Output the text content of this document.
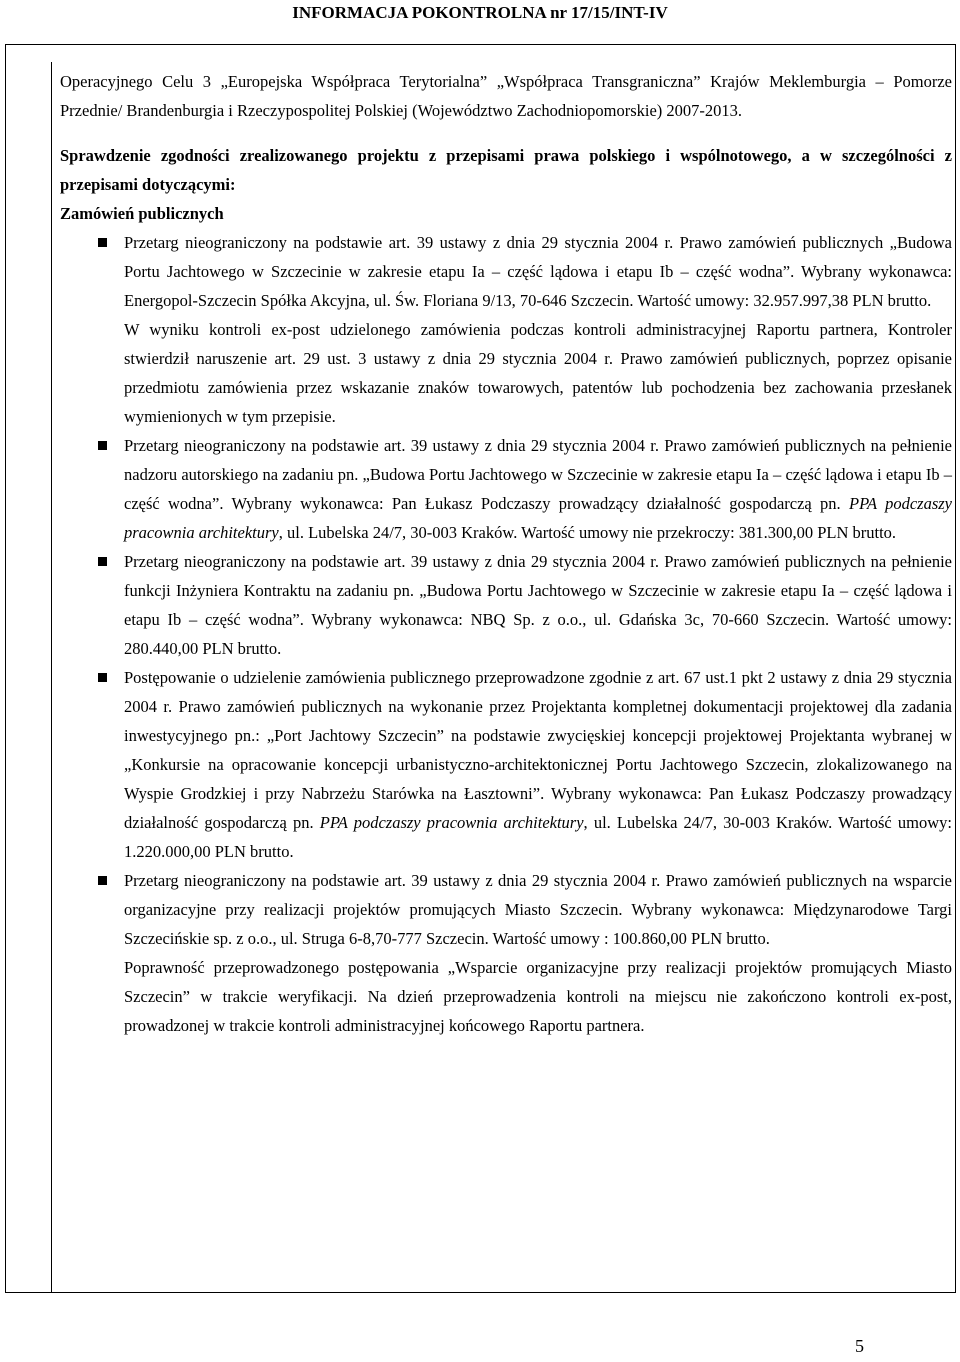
INFORMACJA POKONTROLNA nr 17/15/INT-IV

Operacyjnego Celu 3 „Europejska Współpraca Terytorialna” „Współpraca Transgraniczna” Krajów Meklemburgia – Pomorze Przednie/ Brandenburgia i Rzeczypospolitej Polskiej (Województwo Zachodniopomorskie) 2007-2013.

Sprawdzenie zgodności zrealizowanego projektu z przepisami prawa polskiego i wspólnotowego, a w szczególności z przepisami dotyczącymi:

Zamówień publicznych

Przetarg nieograniczony na podstawie art. 39 ustawy z dnia 29 stycznia 2004 r. Prawo zamówień publicznych „Budowa Portu Jachtowego w Szczecinie w zakresie etapu Ia – część lądowa i etapu Ib – część wodna”. Wybrany wykonawca: Energopol-Szczecin Spółka Akcyjna, ul. Św. Floriana 9/13, 70-646 Szczecin. Wartość umowy: 32.957.997,38 PLN brutto.

W wyniku kontroli ex-post udzielonego zamówienia podczas kontroli administracyjnej Raportu partnera, Kontroler stwierdził naruszenie art. 29 ust. 3 ustawy z dnia 29 stycznia 2004 r. Prawo zamówień publicznych, poprzez opisanie przedmiotu zamówienia przez wskazanie znaków towarowych, patentów lub pochodzenia bez zachowania przesłanek wymienionych w tym przepisie.

Przetarg nieograniczony na podstawie art. 39 ustawy z dnia 29 stycznia 2004 r. Prawo zamówień publicznych na pełnienie nadzoru autorskiego na zadaniu pn. „Budowa Portu Jachtowego w Szczecinie w zakresie etapu Ia – część lądowa i etapu Ib – część wodna”. Wybrany wykonawca: Pan Łukasz Podczaszy prowadzący działalność gospodarczą pn. PPA podczaszy pracownia architektury, ul. Lubelska 24/7, 30-003 Kraków. Wartość umowy nie przekroczy: 381.300,00 PLN brutto.
Przetarg nieograniczony na podstawie art. 39 ustawy z dnia 29 stycznia 2004 r. Prawo zamówień publicznych na pełnienie funkcji Inżyniera Kontraktu na zadaniu pn. „Budowa Portu Jachtowego w Szczecinie w zakresie etapu Ia – część lądowa i etapu Ib – część wodna”. Wybrany wykonawca: NBQ Sp. z o.o., ul. Gdańska 3c, 70-660 Szczecin. Wartość umowy: 280.440,00 PLN brutto.
Postępowanie o udzielenie zamówienia publicznego przeprowadzone zgodnie z art. 67 ust.1 pkt 2 ustawy z dnia 29 stycznia 2004 r. Prawo zamówień publicznych na wykonanie przez Projektanta kompletnej dokumentacji projektowej dla zadania inwestycyjnego pn.: „Port Jachtowy Szczecin” na podstawie zwycięskiej koncepcji projektowej Projektanta wybranej w „Konkursie na opracowanie koncepcji urbanistyczno-architektonicznej Portu Jachtowego Szczecin, zlokalizowanego na Wyspie Grodzkiej i przy Nabrzeżu Starówka na Łasztowni”. Wybrany wykonawca: Pan Łukasz Podczaszy prowadzący działalność gospodarczą pn. PPA podczaszy pracownia architektury, ul. Lubelska 24/7, 30-003 Kraków. Wartość umowy: 1.220.000,00 PLN brutto.
Przetarg nieograniczony na podstawie art. 39 ustawy z dnia 29 stycznia 2004 r. Prawo zamówień publicznych na wsparcie organizacyjne przy realizacji projektów promujących Miasto Szczecin. Wybrany wykonawca: Międzynarodowe Targi Szczecińskie sp. z o.o., ul. Struga 6-8,70-777 Szczecin. Wartość umowy : 100.860,00 PLN brutto.

Poprawność przeprowadzonego postępowania „Wsparcie organizacyjne przy realizacji projektów promujących Miasto Szczecin” w trakcie weryfikacji. Na dzień przeprowadzenia kontroli na miejscu nie zakończono kontroli ex-post, prowadzonej w trakcie kontroli administracyjnej końcowego Raportu partnera.

5
